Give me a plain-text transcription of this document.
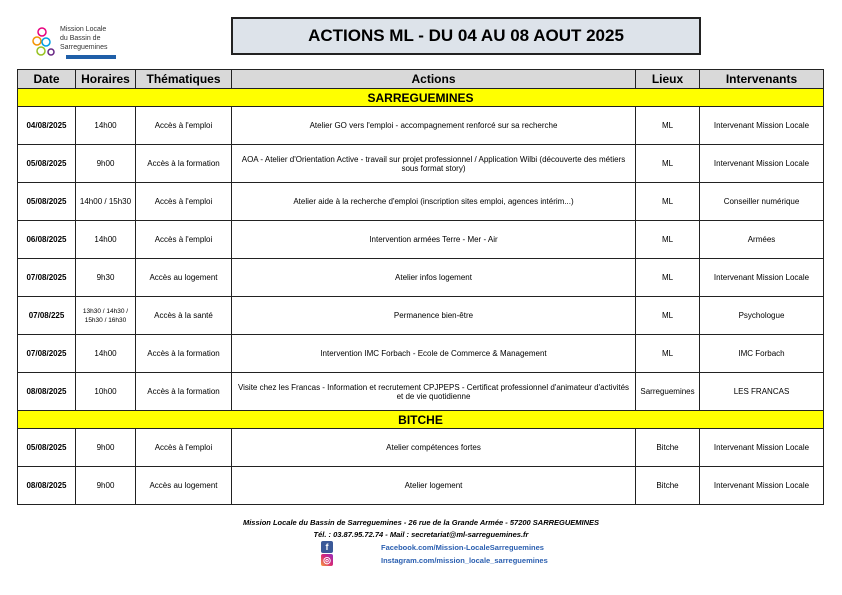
Mission Locale
du Bassin de
Sarreguemines
ACTIONS ML - DU 04 AU 08 AOUT 2025
Date	Horaires	Thématiques	Actions	Lieux	Intervenants
SARREGUEMINES					
04/08/2025	14h00	Accès à l'emploi	Atelier GO vers l'emploi - accompagnement renforcé sur sa recherche	ML	Intervenant Mission Locale
05/08/2025	9h00	Accès à la formation	AOA - Atelier d'Orientation Active - travail sur projet professionnel / Application Wilbi (découverte des métiers sous format story)	ML	Intervenant Mission Locale
05/08/2025	14h00 / 15h30	Accès à l'emploi	Atelier aide à la recherche d'emploi (inscription sites emploi, agences intérim...)	ML	Conseiller numérique
06/08/2025	14h00	Accès à l'emploi	Intervention armées Terre - Mer - Air	ML	Armées
07/08/2025	9h30	Accès au logement	Atelier infos logement	ML	Intervenant Mission Locale
07/08/225	13h30 / 14h30 / 15h30 / 16h30	Accès à la santé	Permanence bien-être	ML	Psychologue
07/08/2025	14h00	Accès à la formation	Intervention IMC Forbach - Ecole de Commerce & Management	ML	IMC Forbach
08/08/2025	10h00	Accès à la formation	Visite chez les Francas - Information et recrutement CPJPEPS - Certificat professionnel d'animateur d'activités et de vie quotidienne	Sarreguemines	LES FRANCAS
BITCHE					
05/08/2025	9h00	Accès à l'emploi	Atelier compétences fortes	Bitche	Intervenant Mission Locale
08/08/2025	9h00	Accès au logement	Atelier logement	Bitche	Intervenant Mission Locale
Mission Locale du Bassin de Sarreguemines - 26 rue de la Grande Armée - 57200 SARREGUEMINES
Tél. : 03.87.95.72.74 - Mail : secretariat@ml-sarreguemines.fr
f	Facebook.com/Mission-LocaleSarreguemines
◎	Instagram.com/mission_locale_sarreguemines
